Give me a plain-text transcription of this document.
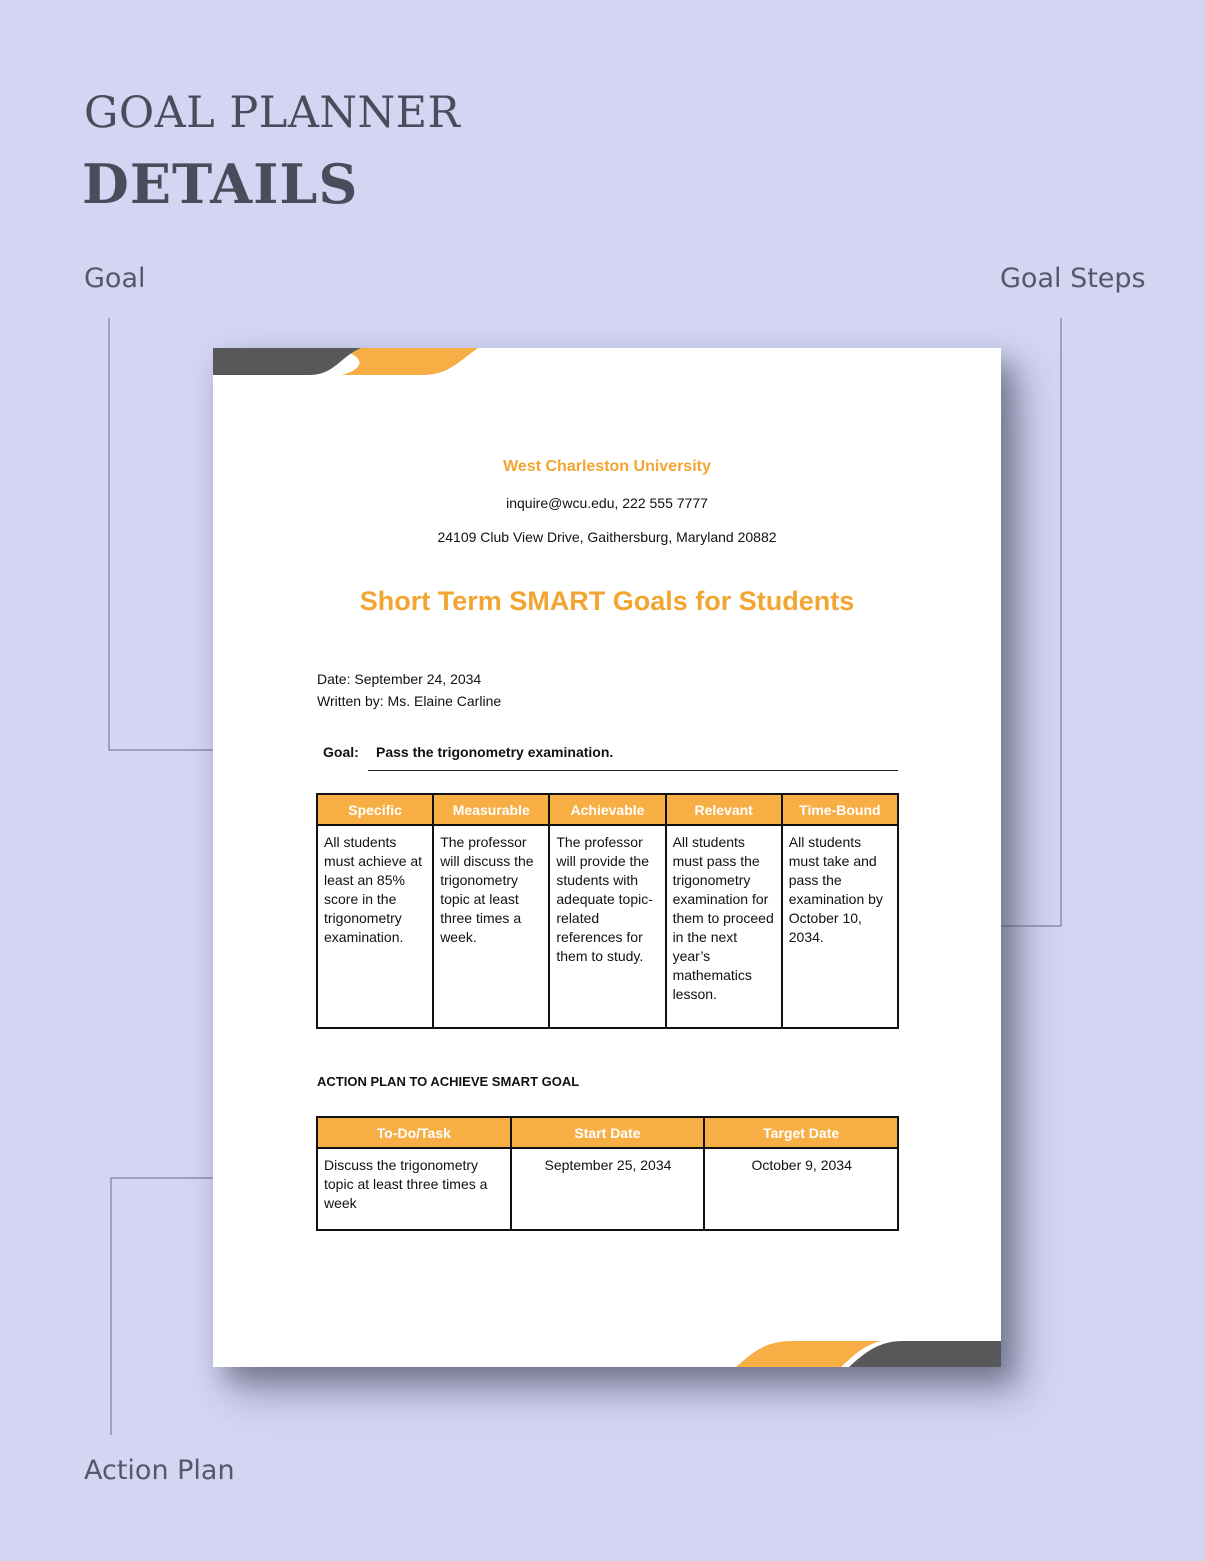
GOAL PLANNER
DETAILS
Goal	Goal Steps
Action Plan
West Charleston University
inquire@wcu.edu, 222 555 7777
24109 Club View Drive, Gaithersburg, Maryland 20882
Short Term SMART Goals for Students
Date: September 24, 2034
Written by: Ms. Elaine Carline
Goal: Pass the trigonometry examination.
Specific	Measurable	Achievable	Relevant	Time-Bound
All students must achieve at least an 85% score in the trigonometry examination.	The professor will discuss the trigonometry topic at least three times a week.	The professor will provide the students with adequate topic-related references for them to study.	All students must pass the trigonometry examination for them to proceed in the next year’s mathematics lesson.	All students must take and pass the examination by October 10, 2034.
ACTION PLAN TO ACHIEVE SMART GOAL
To-Do/Task	Start Date	Target Date
Discuss the trigonometry topic at least three times a week	September 25, 2034	October 9, 2034
